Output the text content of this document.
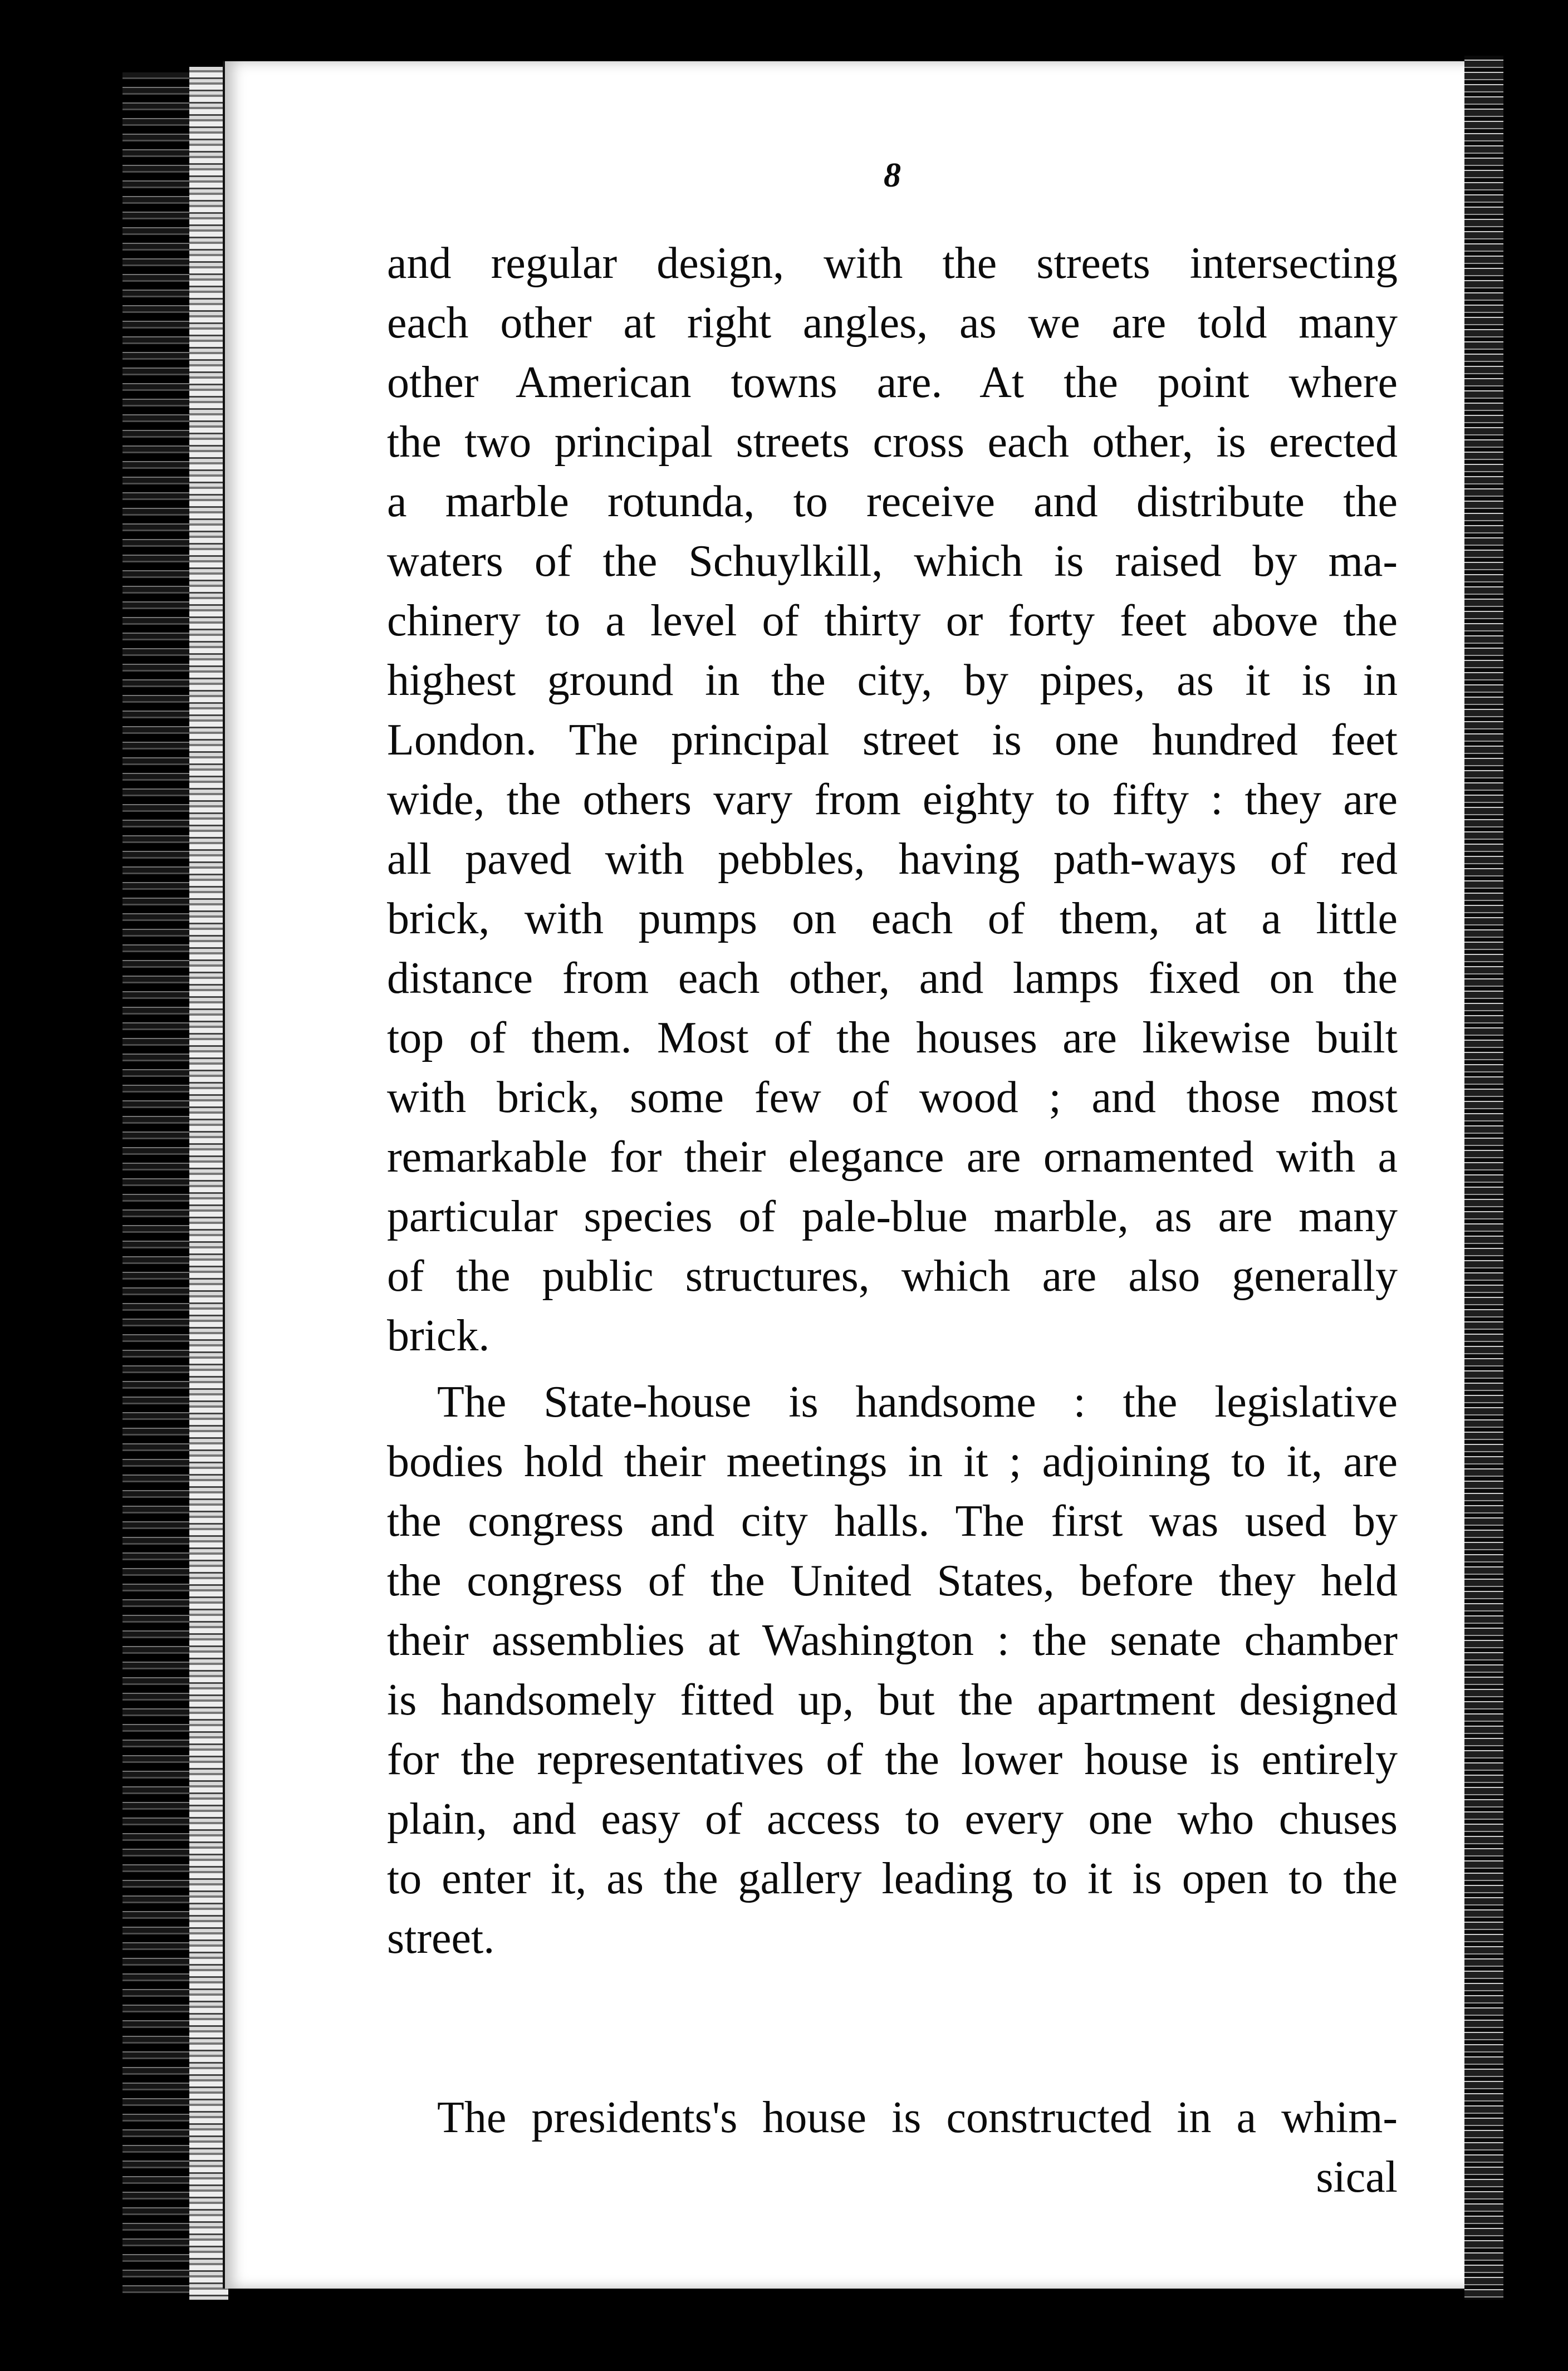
8

and regular design, with the streets intersecting
each other at right angles, as we are told many
other American towns are. At the point where
the two principal streets cross each other, is erected
a marble rotunda, to receive and distribute the
waters of the Schuylkill, which is raised by ma-
chinery to a level of thirty or forty feet above the
highest ground in the city, by pipes, as it is in
London. The principal street is one hundred feet
wide, the others vary from eighty to fifty : they are
all paved with pebbles, having path-ways of red
brick, with pumps on each of them, at a little
distance from each other, and lamps fixed on the
top of them. Most of the houses are likewise built
with brick, some few of wood ; and those most
remarkable for their elegance are ornamented with a
particular species of pale-blue marble, as are many
of the public structures, which are also generally
brick.
The State-house is handsome : the legislative
bodies hold their meetings in it ; adjoining to it, are
the congress and city halls. The first was used by
the congress of the United States, before they held
their assemblies at Washington : the senate chamber
is handsomely fitted up, but the apartment designed
for the representatives of the lower house is entirely
plain, and easy of access to every one who chuses
to enter it, as the gallery leading to it is open to the
street.
The presidents's house is constructed in a whim-
sical
